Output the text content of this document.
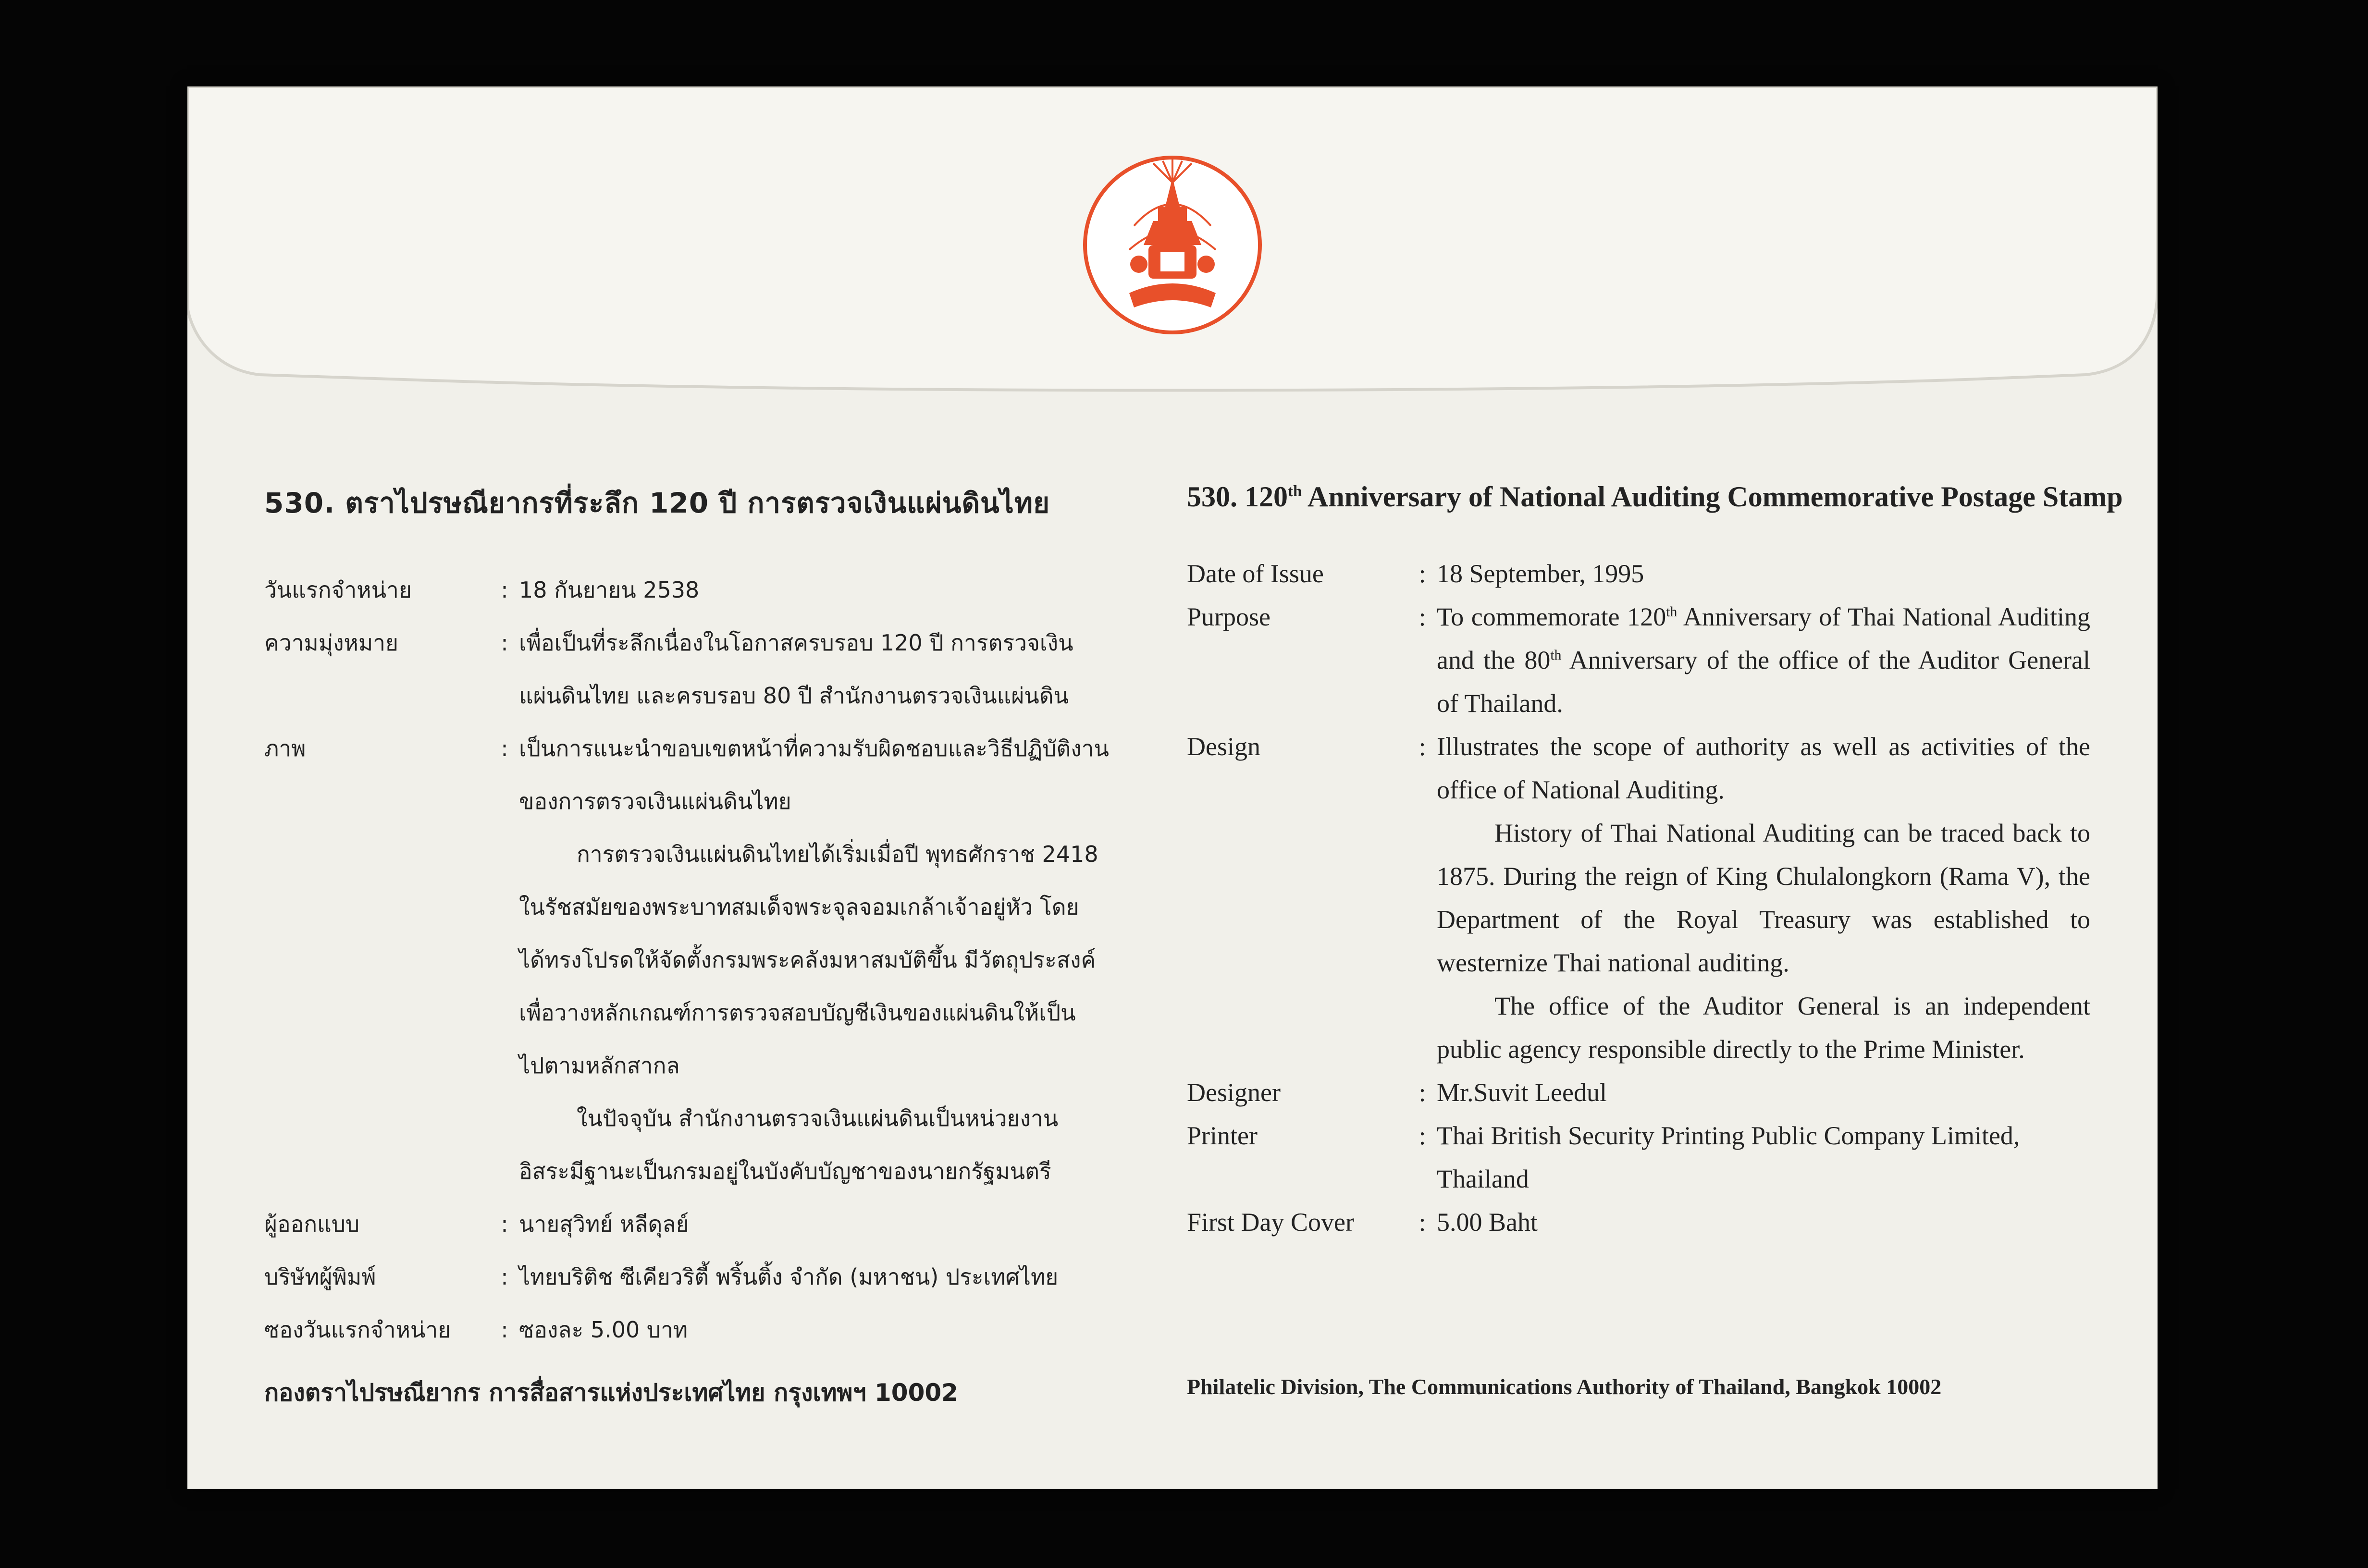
530. ตราไปรษณียากรที่ระลึก 120 ปี การตรวจเงินแผ่นดินไทย
วันแรกจำหน่าย	: 18 กันยายน 2538
ความมุ่งหมาย	: เพื่อเป็นที่ระลึกเนื่องในโอกาสครบรอบ 120 ปี การตรวจเงิน
แผ่นดินไทย และครบรอบ 80 ปี สำนักงานตรวจเงินแผ่นดิน
ภาพ	: เป็นการแนะนำขอบเขตหน้าที่ความรับผิดชอบและวิธีปฏิบัติงาน
ของการตรวจเงินแผ่นดินไทย
การตรวจเงินแผ่นดินไทยได้เริ่มเมื่อปี พุทธศักราช 2418
ในรัชสมัยของพระบาทสมเด็จพระจุลจอมเกล้าเจ้าอยู่หัว โดย
ได้ทรงโปรดให้จัดตั้งกรมพระคลังมหาสมบัติขึ้น มีวัตถุประสงค์
เพื่อวางหลักเกณฑ์การตรวจสอบบัญชีเงินของแผ่นดินให้เป็น
ไปตามหลักสากล
ในปัจจุบัน สำนักงานตรวจเงินแผ่นดินเป็นหน่วยงาน
อิสระมีฐานะเป็นกรมอยู่ในบังคับบัญชาของนายกรัฐมนตรี
ผู้ออกแบบ	: นายสุวิทย์ หลีดุลย์
บริษัทผู้พิมพ์	: ไทยบริติช ซีเคียวริตี้ พริ้นติ้ง จำกัด (มหาชน) ประเทศไทย
ซองวันแรกจำหน่าย	: ซองละ 5.00 บาท
530. 120th Anniversary of National Auditing Commemorative Postage Stamp
Date of Issue	: 18 September, 1995
Purpose	: To commemorate 120th Anniversary of Thai National Auditing and the 80th Anniversary of the office of the Auditor General of Thailand.
Design	: Illustrates the scope of authority as well as activities of the office of National Auditing.
History of Thai National Auditing can be traced back to 1875. During the reign of King Chulalongkorn (Rama V), the Department of the Royal Treasury was established to westernize Thai national auditing.
The office of the Auditor General is an independent public agency responsible directly to the Prime Minister.
Designer	: Mr.Suvit Leedul
Printer	: Thai British Security Printing Public Company Limited, Thailand
First Day Cover	: 5.00 Baht
กองตราไปรษณียากร การสื่อสารแห่งประเทศไทย กรุงเทพฯ 10002	Philatelic Division, The Communications Authority of Thailand, Bangkok 10002
